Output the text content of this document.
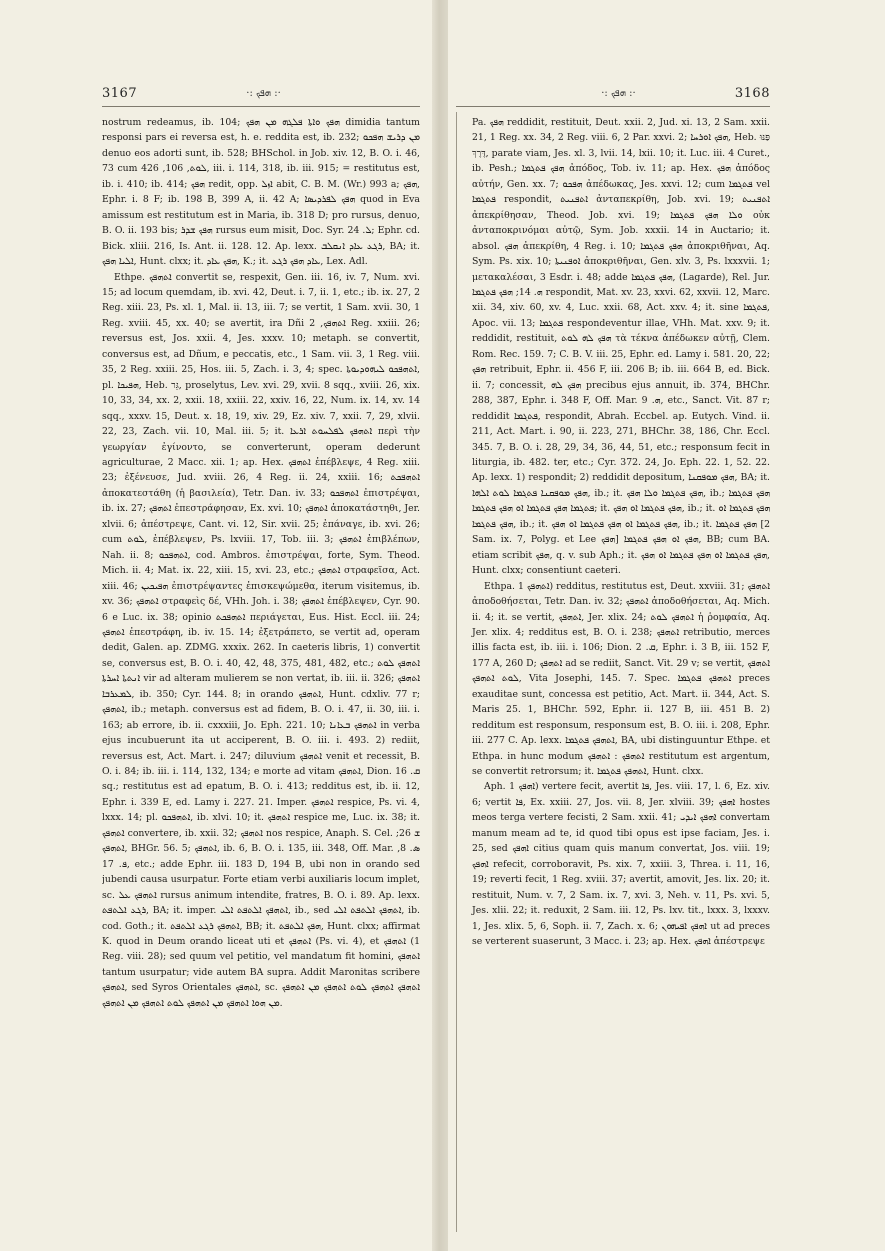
3167	·: ܗܦܟ :·

nostrum redeamus, ib. 104; ܗܦܟ ܘܐܬܐ ܦܠܓܗ ܡܢ ܗܦܟ dimidia tantum responsi pars ei reversa est, h. e. reddita est, ib. 232; ܡܢ ܕܪܝܫ ܗܦܟܘ denuo eos adorti sunt, ib. 528; BHSchol. in Job. xiv. 12, B. O. i. 46, 73 cum ܠܘܬ, 106, 426, iii. i. 114, 318, ib. iii. 915; = restitutus est, ib. i. 410; ib. 414; ܗܦܟ redit, opp. ܐܙܠ abit, C. B. M. (Wr.) 993 a; ܗܦܟ, Ephr. i. 8 F; ib. 198 B, 399 A, ii. 42 A; ܗܦܟ ܠܦܪܕܝܣܐ quod in Eva amissum est restitutum est in Maria, ib. 318 D; pro rursus, denuo, B. O. ii. 193 bis; ܗܦܟ ܫܕܪ rursus eum misit, Doc. Syr. ܠ. 24; Ephr. cd. Bick. xliii. 216, Is. Ant. ii. 128. 12. Ap. lexx. ܪܓܥ ܥܐܕ ܐܢܩܠܒ, BA; it. ܐܠܝܐ ܗܦܟ, Hunt. clxx; it. ܗܦܟ ܥܐܕ, K.; it. ܥܐܕ ܗܦܟ ܪܓܥ, Lex. Adl.

Ethpe. ܐܬܗܦܟ convertit se, respexit, Gen. iii. 16, iv. 7, Num. xvi. 15; ad locum quemdam, ib. xvi. 42, Deut. i. 7, ii. 1, etc.; ib. ix. 27, 2 Reg. xiii. 23, Ps. xl. 1, Mal. ii. 13, iii. 7; se vertit, 1 Sam. xvii. 30, 1 Reg. xviii. 45, xx. 40; se avertit, ira Dñi ܐܬܗܦܟ, 2 Reg. xxiii. 26; reversus est, Jos. xxii. 4, Jes. xxxv. 10; metaph. se convertit, conversus est, ad Dñum, e peccatis, etc., 1 Sam. vii. 3, 1 Reg. viii. 35, 2 Reg. xxiii. 25, Hos. iii. 5, Zach. i. 3, 4; spec. ܐܬܗܦܟܘ ܠܝܗܘܕܝܘܬܐ, pl. ܗܦܝܟܐ, Heb. גֵּר, proselytus, Lev. xvi. 29, xvii. 8 sqq., xviii. 26, xix. 10, 33, 34, xx. 2, xxii. 18, xxiii. 22, xxiv. 16, 22, Num. ix. 14, xv. 14 sqq., xxxv. 15, Deut. x. 18, 19, xiv. 29, Ez. xiv. 7, xxii. 7, 29, xlvii. 22, 23, Zach. vii. 10, Mal. iii. 5; it. ܐܬܗܦܟ ܠܦܠܚܘܬ ܐܪܥܐ περὶ τὴν γεωργίαν ἐγίνοντο, se converterunt, operam dederunt agriculturae, 2 Macc. xii. 1; ap. Hex. ܐܬܗܦܟ ἐπέβλεψε, 4 Reg. xiii. 23; ἐξένευσε, Jud. xviii. 26, 4 Reg. ii. 24, xxiii. 16; ܐܬܗܦܟܬ ἀποκατεστάθη (ἡ βασιλεία), Tetr. Dan. iv. 33; ܐܬܗܦܟܘ ἐπιστρέψαι, ib. ix. 27; ܐܬܗܦܟ ἐπεστράφησαν, Ex. xvi. 10; ܐܬܗܦܟ ἀποκατάστηθι, Jer. xlvii. 6; ἀπέστρεψε, Cant. vi. 12, Sir. xvii. 25; ἐπάναγε, ib. xvi. 26; cum ܠܘܬ, ἐπέβλεψεν, Ps. lxviii. 17, Tob. iii. 3; ܐܬܗܦܟ ἐπιβλέπων, Nah. ii. 8; ܐܬܗܦܟܘ, cod. Ambros. ἐπιστρέψαι, forte, Sym. Theod. Mich. ii. 4; Mat. ix. 22, xiii. 15, xvi. 23, etc.; ܐܬܗܦܟ στραφεῖσα, Act. xiii. 46; ܗܦܝܟܝܢ ἐπιστρέψαντες ἐπισκεψώμεθα, iterum visitemus, ib. xv. 36; ܐܬܗܦܟ στραφεὶς δέ, VHh. Joh. i. 38; ܐܬܗܦܟ ἐπέβλεψεν, Cyr. 90. 6 e Luc. ix. 38; opinio ܐܬܗܦܟܬ περιάγεται, Eus. Hist. Eccl. iii. 24; ܐܬܗܦܟ ἐπεστράφη, ib. iv. 15. 14; ἐξετράπετο, se vertit ad, operam dedit, Galen. ap. ZDMG. xxxix. 262. In caeteris libris, 1) convertit se, conversus est, B. O. i. 40, 42, 48, 375, 481, 482, etc.; ܐܬܗܦܟ ܠܘܬ ܐܢܬܬܐ ܐܚܪܬܐ vir ad alteram mulierem se non vertat, ib. iii. ii. 326; ܐܬܗܦܟ ܠܡܥܪܒܐ, ib. 350; Cyr. 144. 8; in orando ܐܬܗܦܟ, Hunt. cdxliv. 77 r; ܐܬܗܦܟ, ib.; metaph. conversus est ad fidem, B. O. i. 47, ii. 30, iii. i. 163; ab errore, ib. ii. cxxxiii, Jo. Eph. 221. 10; ܐܬܗܦܟ ܒܥܐܢܐ in verba ejus incubuerunt ita ut acciperent, B. O. iii. i. 493. 2) rediit, reversus est, Act. Mart. i. 247; diluvium ܐܬܗܦܟ venit et recessit, B. O. i. 84; ib. iii. i. 114, 132, 134; e morte ad vitam ܐܬܗܦܟ, Dion. ܩ. 16 sq.; restitutus est ad epatum, B. O. i. 413; redditus est, ib. ii. 12, Ephr. i. 339 E, ed. Lamy i. 227. 21. Imper. ܐܬܗܦܟ respice, Ps. vi. 4, lxxx. 14; pl. ܐܬܗܦܟܘ, ib. xlvi. 10; it. ܐܬܗܦܟ respice me, Luc. ix. 38; it. ܐܬܗܦܟ convertere, ib. xxii. 32; ܐܬܗܦܟ nos respice, Anaph. S. Cel. ܫ 26; ܐܬܗܦܟ, BHGr. 56. 5; ܐܬܗܦܟ, ib. 6, B. O. i. 135, iii. 348, Off. Mar. ܣ. 8, ܦ. 17, etc.; adde Ephr. iii. 183 D, 194 B, ubi non in orando sed jubendi causa usurpatur. Forte etiam verbi auxiliaris locum implet, sc. ܐܬܗܦܟ ܥܠ rursus animum intendite, fratres, B. O. i. 89. Ap. lexx. ܪܓܥ ܐܠܬܦܬ, BA; it. imper. ܐܬܗܦܟ ܐܠܬܦܬ ܐܠܝ, ib., sed ܐܬܗܦܟ ܐܠܬܦܬ ܐܠܝ, ib. cod. Goth.; it. ܐܬܗܦܟ ܪܓܥ ܐܠܬܦܬ, BB; it. ܗܦܟ ܐܠܬܦܬ, Hunt. clxx; affirmat K. quod in Deum orando liceat uti et ܐܬܗܦܟ (Ps. vi. 4), et ܐܬܗܦܟ (1 Reg. viii. 28); sed quum vel petitio, vel mandatum fit homini, ܐܬܗܦܟ tantum usurpatur; vide autem BA supra. Addit Maronitas scribere ܐܬܗܦܟ, sed Syros Orientales ܐܬܗܦܟ, sc. ܐܬܗܦܟ ܐܬܗܦܟ ܠܘܬ ܐܬܗܦܟ ܡܢ ܐܬܗܦܟ ܡܢ ܗܘܐ ܐܬܗܦܟ ܡܢ ܐܬܗܦܟ ܠܘܬ ܐܬܗܦܟ ܡܢ ܐܬܗܦܟ.

·: ܗܦܟ :·	3168

Pa. ܗܦܟ reddidit, restituit, Deut. xxii. 2, Jud. xi. 13, 2 Sam. xxii. 21, 1 Reg. xx. 34, 2 Reg. viii. 6, 2 Par. xxvi. 2; ܗܦܟ ܐܘܪܚܐ, Heb. פַּנּוּ דֶּרֶךְ, parate viam, Jes. xl. 3, lvii. 14, lxii. 10; it. Luc. iii. 4 Curet., ib. Pesh.; ܗܦܟ ܦܬܓܡܐ ἀπόδος, Tob. iv. 11; ap. Hex. ܗܦܟ ἀπόδος αὐτήν, Gen. xx. 7; ܗܦܟܘ ἀπέδωκας, Jes. xxvi. 12; cum ܦܬܓܡܐ vel ܦܬܓܡܐ respondit, ܐܬܦܢܝܬ ἀνταπεκρίθη, Job. xvi. 19; ܐܬܦܢܝܬ ἀπεκρίθησαν, Theod. Job. xvi. 19; ܘܠܐ ܗܦܟ ܦܬܓܡܐ οὐκ ἀνταποκρινόμαι αὐτῷ, Sym. Job. xxxii. 14 in Auctario; it. absol. ܗܦܟ ἀπεκρίθη, 4 Reg. i. 10; ܗܦܟ ܦܬܓܡܐ ἀποκριθῆναι, Aq. Sym. Ps. xix. 10; ܐܘܦܢܝܬܐ ἀποκριθῆναι, Gen. xlv. 3, Ps. lxxxvii. 1; μετακαλέσαι, 3 Esdr. i. 48; adde ܗܦܟ ܦܬܓܡܐ, (Lagarde), Rel. Jur. ܗ. 14; ܗܦܟ ܦܬܓܡܐ respondit, Mat. xv. 23, xxvi. 62, xxvii. 12, Marc. xii. 34, xiv. 60, xv. 4, Luc. xxii. 68, Act. xxv. 4; it. sine ܦܬܓܡܐ, Apoc. vii. 13; ܦܬܓܡܐ respondeventur illae, VHh. Mat. xxv. 9; it. reddidit, restituit, ܗܦܟ ܠܗ ܠܘܬ τὰ τέκνα ἀπέδωκεν αὐτῇ, Clem. Rom. Rec. 159. 7; C. B. V. iii. 25, Ephr. ed. Lamy i. 581. 20, 22; ܗܦܟ retribuit, Ephr. ii. 456 F, iii. 206 B; ib. iii. 664 B, ed. Bick. ii. 7; concessit, ܗܦܟ ܠܗ precibus ejus annuit, ib. 374, BHChr. 288, 387, Ephr. i. 348 F, Off. Mar. ܗ. 9, etc., Sanct. Vit. 87 r; reddidit ܦܬܓܡܐ, respondit, Abrah. Eccbel. ap. Eutych. Vind. ii. 211, Act. Mart. i. 90, ii. 223, 271, BHChr. 38, 186, Chr. Eccl. 345. 7, B. O. i. 28, 29, 34, 36, 44, 51, etc.; responsum fecit in liturgia, ib. 482. ter, etc.; Cyr. 372. 24, Jo. Eph. 22. 1, 52. 22. Ap. lexx. 1) respondit; 2) reddidit depositum, ܗܦܟ ܡܘܦܩܢܐ, BA; it. ܗܦܟ ܡܘܦܩܢܐ ܦܬܓܡܐ ܠܘܬ ܐܠܗܐ, ib.; it. ܗܦܟ ܦܬܓܡܐ ܘܠܐ ܗܦܟ, ib.; ܗܦܟ ܦܬܓܡܐ ܦܬܓܡܐ ܗܦܟ ܦܬܓܡܐ ܐܘ ܗܦܟ ܦܬܓܡܐ; it. ܗܦܟ ܦܬܓܡܐ ܐܘ ܗܦܟ, ib.; it. ܗܦܟ ܦܬܓܡܐ ܐܘ ܗܦܟ ܦܬܓܡܐ, ib.; it. ܗܦܟ ܦܬܓܡܐ ܐܘ ܗܦܟ ܦܬܓܡܐ ܐܘ ܗܦܟ, ib.; it. ܗܦܟ ܦܬܓܡܐ [2 Sam. ix. 7, Polyg. et Lee ܗܦܟ] ܗܦܟ ܐܘ ܗܦܟ ܦܬܓܡܐ, BB; cum BA. etiam scribit ܗܦܟ, q. v. sub Aph.; it. ܗܦܟ ܦܬܓܡܐ ܐܘ ܗܦܟ ܦܬܓܡܐ ܐܘ ܗܦܟ, Hunt. clxx; consentiunt caeteri.

Ethpa. ܐܬܗܦܟ 1) redditus, restitutus est, Deut. xxviii. 31; ܐܬܗܦܟ ἀποδοθήσεται, Tetr. Dan. iv. 32; ܐܬܗܦܟ ἀποδοθήσεται, Aq. Mich. ii. 4; it. se vertit, ܐܬܗܦܟ, Jer. xlix. 24; ܐܬܗܦܟ ܠܘܬ ἡ ῥομφαία, Aq. Jer. xlix. 4; redditus est, B. O. i. 238; ܐܬܗܦܟ retributio, merces illis facta est, ib. iii. i. 106; Dion. ܩ. 2, Ephr. i. 3 B, iii. 152 F, 177 A, 260 D; ܐܬܗܦܟ ad se rediit, Sanct. Vit. 29 v; se vertit, ܐܬܗܦܟ ܠܘܬ ܐܬܗܦܟ, Vita Josephi, 145. 7. Spec. ܐܬܗܦܟ ܦܬܓܡܐ preces exauditae sunt, concessa est petitio, Act. Mart. ii. 344, Act. S. Maris 25. 1, BHChr. 592, Ephr. ii. 127 B, iii. 451 B. 2) redditum est responsum, responsum est, B. O. iii. i. 208, Ephr. iii. 277 C. Ap. lexx. ܐܬܗܦܟ ܦܬܓܡܐ, BA, ubi distinguuntur Ethpe. et Ethpa. in hunc modum ܐܬܗܦܟ : ܐܬܗܦܟ restitutum est argentum, se convertit retrorsum; it. ܐܬܗܦܟ ܦܬܓܡܐ, Hunt. clxx.

Aph. ܐܗܦܟ 1) vertere fecit, avertit ܦܐ, Jes. viii. 17, l. 6, Ez. xiv. 6; vertit ܦܐ, Ex. xxiii. 27, Jos. vii. 8, Jer. xlviii. 39; ܐܗܦܟ hostes meos terga vertere fecisti, 2 Sam. xxii. 41; ܐܗܦܟ ܐܝܕܝ convertam manum meam ad te, id quod tibi opus est ipse faciam, Jes. i. 25, sed ܐܗܦܟ citius quam quis manum convertat, Jos. viii. 19; ܐܗܦܟ refecit, corroboravit, Ps. xix. 7, xxiii. 3, Threa. i. 11, 16, 19; reverti fecit, 1 Reg. xviii. 37; avertit, amovit, Jes. lix. 20; it. restituit, Num. v. 7, 2 Sam. ix. 7, xvi. 3, Neh. v. 11, Ps. xvi. 5, Jes. xlii. 22; it. reduxit, 2 Sam. iii. 12, Ps. lxv. tit., lxxx. 3, lxxxv. 1, Jes. xlix. 5, 6, Soph. ii. 7, Zach. x. 6; ܐܗܦܟ ܐܦܝܗܘܢ ut ad preces se verterent suaserunt, 3 Macc. i. 23; ap. Hex. ܐܗܦܟ ἀπέστρεψε
